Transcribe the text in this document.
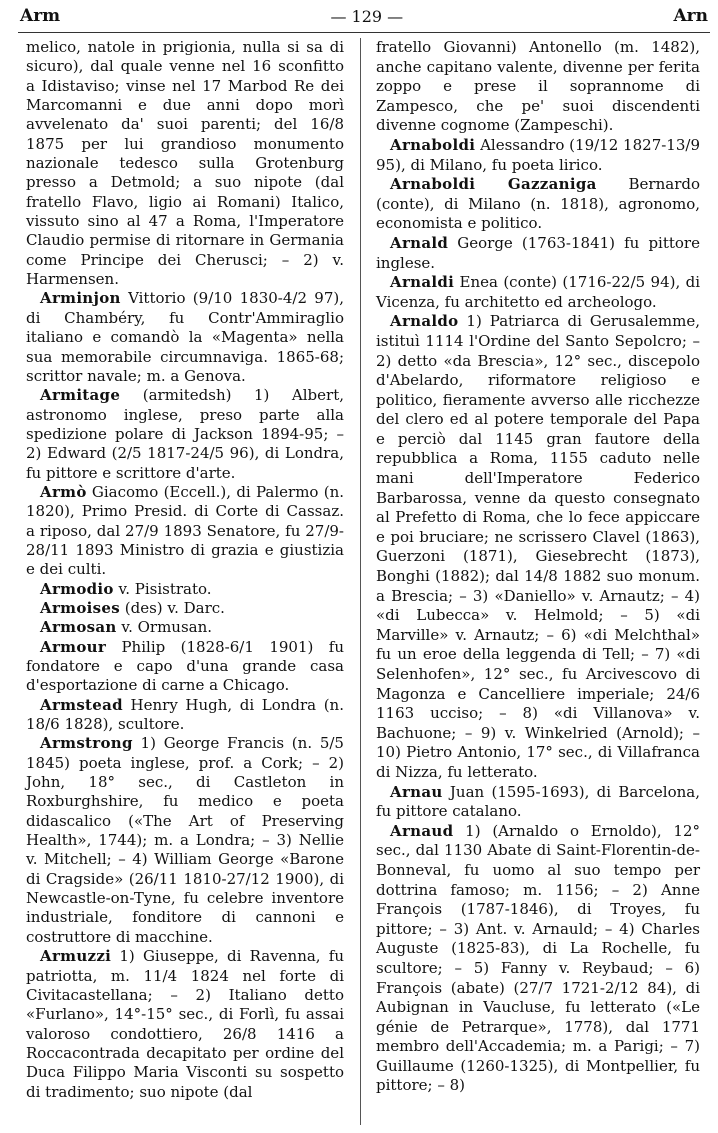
Arm	— 129 —	Arn

melico, natole in prigionia, nulla si sa di sicuro), dal quale venne nel 16 sconfitto a Idistaviso; vinse nel 17 Marbod Re dei Marcomanni e due anni dopo morì avvelenato da' suoi parenti; del 16/8 1875 per lui grandioso monumento nazionale tedesco sulla Grotenburg presso a Detmold; a suo nipote (dal fratello Flavo, ligio ai Romani) Italico, vissuto sino al 47 a Roma, l'Imperatore Claudio permise di ritornare in Germania come Principe dei Cherusci; – 2) v. Harmensen.

Arminjon Vittorio (9/10 1830-4/2 97), di Chambéry, fu Contr'Ammiraglio italiano e comandò la «Magenta» nella sua memorabile circumnaviga. 1865-68; scrittor navale; m. a Genova.

Armitage (armitedsh) 1) Albert, astronomo inglese, preso parte alla spedizione polare di Jackson 1894-95; – 2) Edward (2/5 1817-24/5 96), di Londra, fu pittore e scrittore d'arte.

Armò Giacomo (Eccell.), di Palermo (n. 1820), Primo Presid. di Corte di Cassaz. a riposo, dal 27/9 1893 Senatore, fu 27/9-28/11 1893 Ministro di grazia e giustizia e dei culti.

Armodio v. Pisistrato.

Armoises (des) v. Darc.

Armosan v. Ormusan.

Armour Philip (1828-6/1 1901) fu fondatore e capo d'una grande casa d'esportazione di carne a Chicago.

Armstead Henry Hugh, di Londra (n. 18/6 1828), scultore.

Armstrong 1) George Francis (n. 5/5 1845) poeta inglese, prof. a Cork; – 2) John, 18° sec., di Castleton in Roxburghshire, fu medico e poeta didascalico («The Art of Preserving Health», 1744); m. a Londra; – 3) Nellie v. Mitchell; – 4) William George «Barone di Cragside» (26/11 1810-27/12 1900), di Newcastle-on-Tyne, fu celebre inventore industriale, fonditore di cannoni e costruttore di macchine.

Armuzzi 1) Giuseppe, di Ravenna, fu patriotta, m. 11/4 1824 nel forte di Civitacastellana; – 2) Italiano detto «Furlano», 14°-15° sec., di Forlì, fu assai valoroso condottiero, 26/8 1416 a Roccacontrada decapitato per ordine del Duca Filippo Maria Visconti su sospetto di tradimento; suo nipote (dal

fratello Giovanni) Antonello (m. 1482), anche capitano valente, divenne per ferita zoppo e prese il soprannome di Zampesco, che pe' suoi discendenti divenne cognome (Zampeschi).

Arnaboldi Alessandro (19/12 1827-13/9 95), di Milano, fu poeta lirico.

Arnaboldi Gazzaniga Bernardo (conte), di Milano (n. 1818), agronomo, economista e politico.

Arnald George (1763-1841) fu pittore inglese.

Arnaldi Enea (conte) (1716-22/5 94), di Vicenza, fu architetto ed archeologo.

Arnaldo 1) Patriarca di Gerusalemme, istituì 1114 l'Ordine del Santo Sepolcro; – 2) detto «da Brescia», 12° sec., discepolo d'Abelardo, riformatore religioso e politico, fieramente avverso alle ricchezze del clero ed al potere temporale del Papa e perciò dal 1145 gran fautore della repubblica a Roma, 1155 caduto nelle mani dell'Imperatore Federico Barbarossa, venne da questo consegnato al Prefetto di Roma, che lo fece appiccare e poi bruciare; ne scrissero Clavel (1863), Guerzoni (1871), Giesebrecht (1873), Bonghi (1882); dal 14/8 1882 suo monum. a Brescia; – 3) «Daniello» v. Arnautz; – 4) «di Lubecca» v. Helmold; – 5) «di Marville» v. Arnautz; – 6) «di Melchthal» fu un eroe della leggenda di Tell; – 7) «di Selenhofen», 12° sec., fu Arcivescovo di Magonza e Cancelliere imperiale; 24/6 1163 ucciso; – 8) «di Villanova» v. Bachuone; – 9) v. Winkelried (Arnold); – 10) Pietro Antonio, 17° sec., di Villafranca di Nizza, fu letterato.

Arnau Juan (1595-1693), di Barcelona, fu pittore catalano.

Arnaud 1) (Arnaldo o Ernoldo), 12° sec., dal 1130 Abate di Saint-Florentin-de-Bonneval, fu uomo al suo tempo per dottrina famoso; m. 1156; – 2) Anne François (1787-1846), di Troyes, fu pittore; – 3) Ant. v. Arnauld; – 4) Charles Auguste (1825-83), di La Rochelle, fu scultore; – 5) Fanny v. Reybaud; – 6) François (abate) (27/7 1721-2/12 84), di Aubignan in Vaucluse, fu letterato («Le génie de Petrarque», 1778), dal 1771 membro dell'Accademia; m. a Parigi; – 7) Guillaume (1260-1325), di Montpellier, fu pittore; – 8)
